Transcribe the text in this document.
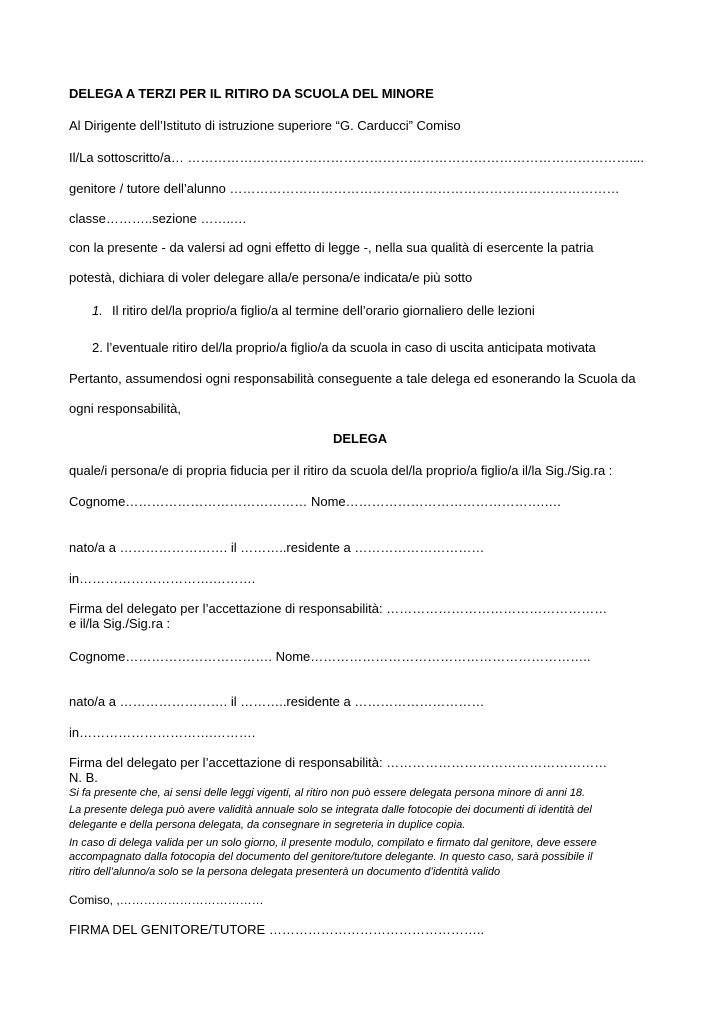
DELEGA A TERZI PER IL RITIRO DA SCUOLA DEL MINORE
Al Dirigente dell’Istituto di istruzione superiore “G. Carducci” Comiso
Il/La sottoscritto/a… …………………………………………………………………………………………....
genitore / tutore dell’alunno ………………………………………………………………………………
classe………..sezione ……..…
con la presente - da valersi ad ogni effetto di legge -, nella sua qualità di esercente la patria
potestà, dichiara di voler delegare alla/e persona/e indicata/e più sotto
1. Il ritiro del/la proprio/a figlio/a al termine dell’orario giornaliero delle lezioni
2. l’eventuale ritiro del/la proprio/a figlio/a da scuola in caso di uscita anticipata motivata
Pertanto, assumendosi ogni responsabilità conseguente a tale delega ed esonerando la Scuola da
ogni responsabilità,
DELEGA
quale/i persona/e di propria fiducia per il ritiro da scuola del/la proprio/a figlio/a il/la Sig./Sig.ra :
Cognome…………………………………… Nome……………………………………….….
nato/a a ……………………. il ………..residente a …………………………
in………………………….……….
Firma del delegato per l’accettazione di responsabilità: ……………………………………………
e il/la Sig./Sig.ra :
Cognome……………………………. Nome………………………………………………………..
nato/a a ……………………. il ………..residente a …………………………
in………………………….……….
Firma del delegato per l’accettazione di responsabilità: ……………………………………………
N. B.
Si fa presente che, ai sensi delle leggi vigenti, al ritiro non può essere delegata persona minore di anni 18.
La presente delega può avere validità annuale solo se integrata dalle fotocopie dei documenti di identità del
delegante e della persona delegata, da consegnare in segreteria in duplice copia.
In caso di delega valida per un solo giorno, il presente modulo, compilato e firmato dal genitore, deve essere
accompagnato dalla fotocopia del documento del genitore/tutore delegante. In questo caso, sarà possibile il
ritiro dell’alunno/a solo se la persona delegata presenterà un documento d’identità valido
Comiso, ,………………………………
FIRMA DEL GENITORE/TUTORE …………………………………………..
